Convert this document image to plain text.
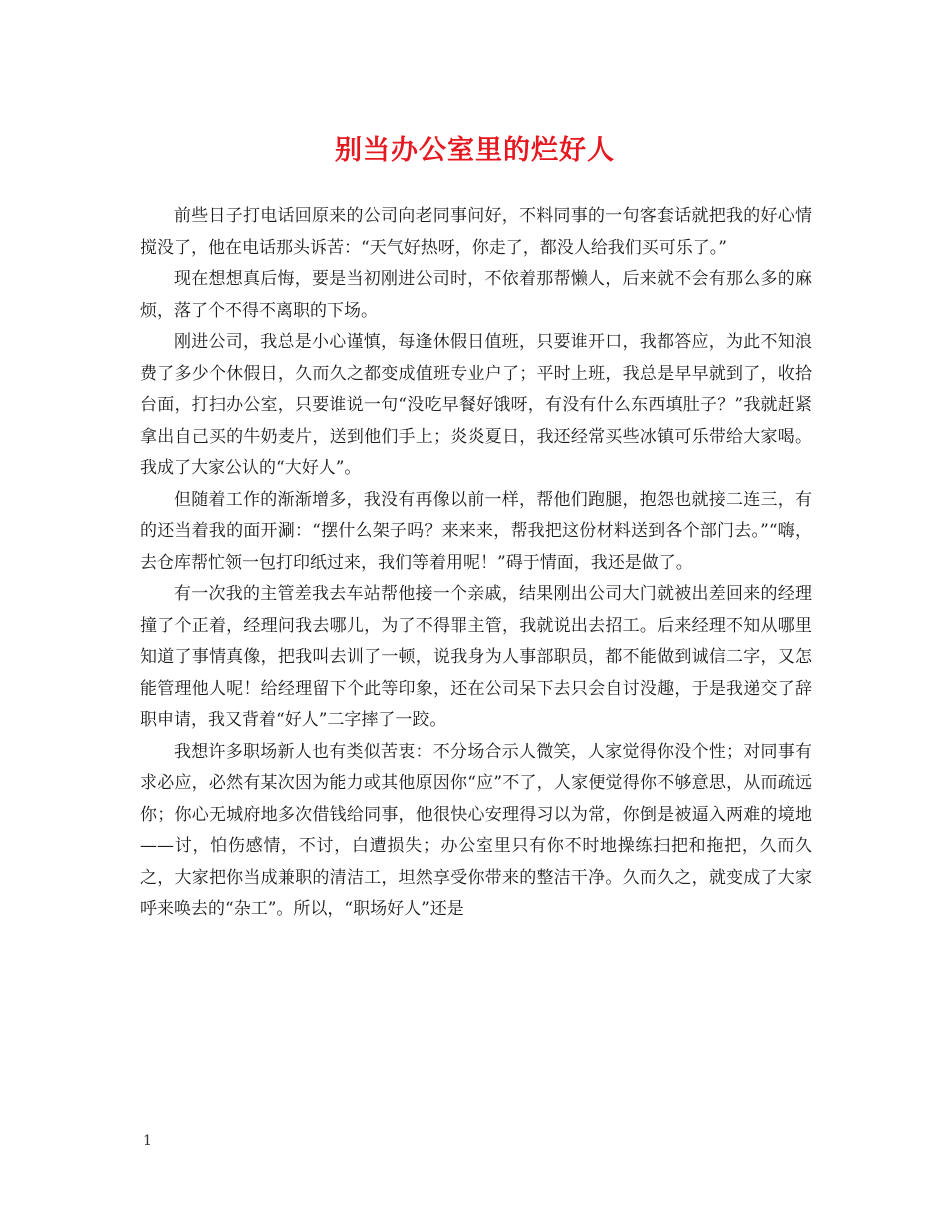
别当办公室里的烂好人

前些日子打电话回原来的公司向老同事问好，不料同事的一句客套话就把我的好心情搅没了，他在电话那头诉苦：“天气好热呀，你走了，都没人给我们买可乐了。”

现在想想真后悔，要是当初刚进公司时，不依着那帮懒人，后来就不会有那么多的麻烦，落了个不得不离职的下场。

刚进公司，我总是小心谨慎，每逢休假日值班，只要谁开口，我都答应，为此不知浪费了多少个休假日，久而久之都变成值班专业户了；平时上班，我总是早早就到了，收拾台面，打扫办公室，只要谁说一句“没吃早餐好饿呀，有没有什么东西填肚子？”我就赶紧拿出自己买的牛奶麦片，送到他们手上；炎炎夏日，我还经常买些冰镇可乐带给大家喝。我成了大家公认的“大好人”。

但随着工作的渐渐增多，我没有再像以前一样，帮他们跑腿，抱怨也就接二连三，有的还当着我的面开涮：“摆什么架子吗？来来来，帮我把这份材料送到各个部门去。”“嗨，去仓库帮忙领一包打印纸过来，我们等着用呢！”碍于情面，我还是做了。

有一次我的主管差我去车站帮他接一个亲戚，结果刚出公司大门就被出差回来的经理撞了个正着，经理问我去哪儿，为了不得罪主管，我就说出去招工。后来经理不知从哪里知道了事情真像，把我叫去训了一顿，说我身为人事部职员，都不能做到诚信二字，又怎能管理他人呢！给经理留下个此等印象，还在公司呆下去只会自讨没趣，于是我递交了辞职申请，我又背着“好人”二字摔了一跤。

我想许多职场新人也有类似苦衷：不分场合示人微笑，人家觉得你没个性；对同事有求必应，必然有某次因为能力或其他原因你“应”不了，人家便觉得你不够意思，从而疏远你；你心无城府地多次借钱给同事，他很快心安理得习以为常，你倒是被逼入两难的境地——讨，怕伤感情，不讨，白遭损失；办公室里只有你不时地操练扫把和拖把，久而久之，大家把你当成兼职的清洁工，坦然享受你带来的整洁干净。久而久之，就变成了大家呼来唤去的“杂工”。所以，“职场好人”还是

1
